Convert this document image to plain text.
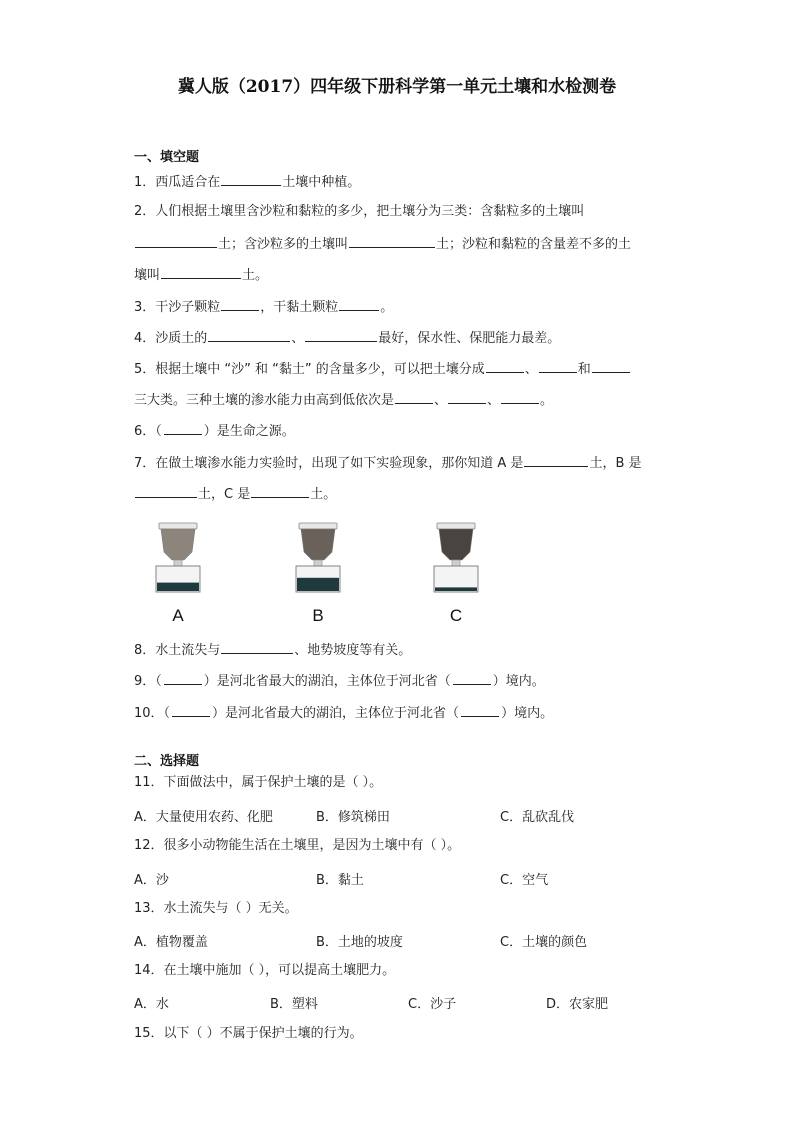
冀人版（2017）四年级下册科学第一单元土壤和水检测卷
一、填空题
1．西瓜适合在	土壤中种植。
2．人们根据土壤里含沙粒和黏粒的多少，把土壤分为三类：含黏粒多的土壤叫
土；含沙粒多的土壤叫	土；沙粒和黏粒的含量差不多的土
壤叫	土。
3．干沙子颗粒	，干黏土颗粒	。
4．沙质土的	、	最好，保水性、保肥能力最差。
5．根据土壤中 “沙” 和 “黏土” 的含量多少，可以把土壤分成	、	和
三大类。三种土壤的渗水能力由高到低依次是	、	、	。
6．（	）是生命之源。
7．在做土壤渗水能力实验时，出现了如下实验现象，那你知道 A 是	土，B 是
土，C 是	土。
A	B	C
8．水土流失与	、地势坡度等有关。
9．（	）是河北省最大的湖泊，主体位于河北省（	）境内。
10．（	）是河北省最大的湖泊，主体位于河北省（	）境内。
二、选择题
11．下面做法中，属于保护土壤的是（ ）。
A．大量使用农药、化肥	B．修筑梯田	C．乱砍乱伐
12．很多小动物能生活在土壤里，是因为土壤中有（ ）。
A．沙	B．黏土	C．空气
13．水土流失与（ ）无关。
A．植物覆盖	B．土地的坡度	C．土壤的颜色
14．在土壤中施加（ ），可以提高土壤肥力。
A．水	B．塑料	C．沙子	D．农家肥
15．以下（ ）不属于保护土壤的行为。
